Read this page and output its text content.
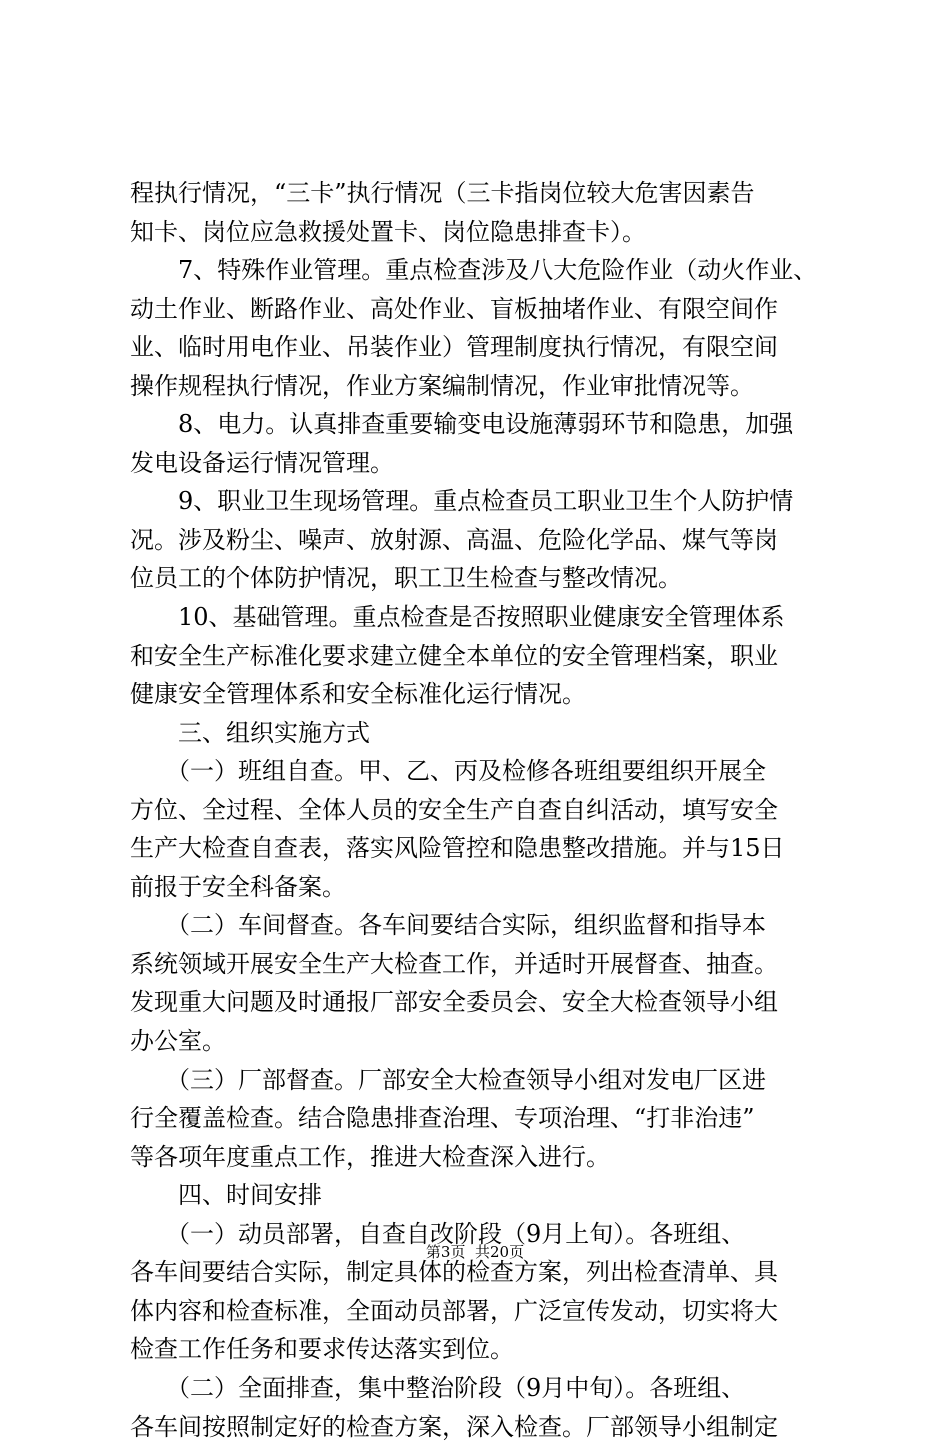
程执行情况，“三卡”执行情况（三卡指岗位较大危害因素告
知卡、岗位应急救援处置卡、岗位隐患排查卡）。
　　7、特殊作业管理。重点检查涉及八大危险作业（动火作业、
动土作业、断路作业、高处作业、盲板抽堵作业、有限空间作
业、临时用电作业、吊装作业）管理制度执行情况，有限空间
操作规程执行情况，作业方案编制情况，作业审批情况等。
　　8、电力。认真排查重要输变电设施薄弱环节和隐患，加强
发电设备运行情况管理。
　　9、职业卫生现场管理。重点检查员工职业卫生个人防护情
况。涉及粉尘、噪声、放射源、高温、危险化学品、煤气等岗
位员工的个体防护情况，职工卫生检查与整改情况。
　　10、基础管理。重点检查是否按照职业健康安全管理体系
和安全生产标准化要求建立健全本单位的安全管理档案，职业
健康安全管理体系和安全标准化运行情况。
　　三、组织实施方式
　　（一）班组自查。甲、乙、丙及检修各班组要组织开展全
方位、全过程、全体人员的安全生产自查自纠活动，填写安全
生产大检查自查表，落实风险管控和隐患整改措施。并与15日
前报于安全科备案。
　　（二）车间督查。各车间要结合实际，组织监督和指导本
系统领域开展安全生产大检查工作，并适时开展督查、抽查。
发现重大问题及时通报厂部安全委员会、安全大检查领导小组
办公室。
　　（三）厂部督查。厂部安全大检查领导小组对发电厂区进
行全覆盖检查。结合隐患排查治理、专项治理、“打非治违”
等各项年度重点工作，推进大检查深入进行。
　　四、时间安排
　　（一）动员部署，自查自改阶段（9月上旬）。各班组、
各车间要结合实际，制定具体的检查方案，列出检查清单、具
体内容和检查标准，全面动员部署，广泛宣传发动，切实将大
检查工作任务和要求传达落实到位。
　　（二）全面排查，集中整治阶段（9月中旬）。各班组、
各车间按照制定好的检查方案，深入检查。厂部领导小组制定
第3页  共20页
